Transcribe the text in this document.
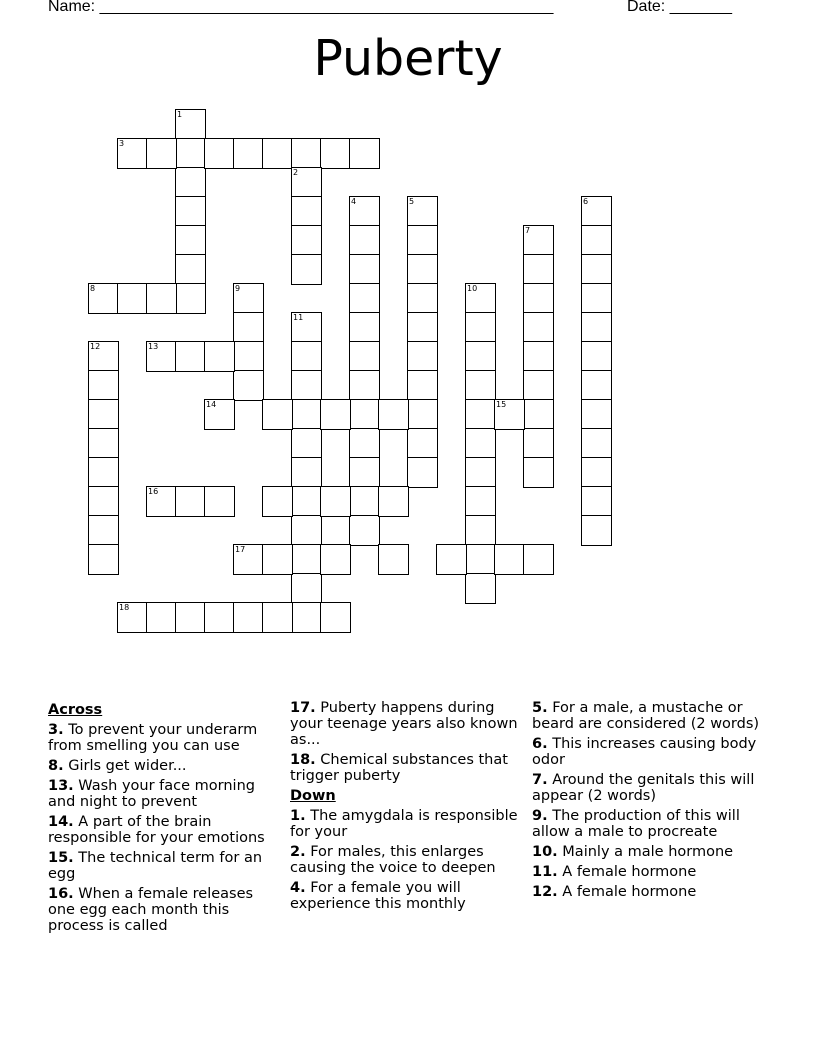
Name: ___________________________________________________	Date: _______
Puberty
1
3
2
4	5	6
7
8	9	10
11
12	13
14	15
16
17
18
Across
3. To prevent your underarm from smelling you can use
8. Girls get wider...
13. Wash your face morning and night to prevent
14. A part of the brain responsible for your emotions
15. The technical term for an egg
16. When a female releases one egg each month this process is called
17. Puberty happens during your teenage years also known as...
18. Chemical substances that trigger puberty
Down
1. The amygdala is responsible for your
2. For males, this enlarges causing the voice to deepen
4. For a female you will experience this monthly
5. For a male, a mustache or beard are considered (2 words)
6. This increases causing body odor
7. Around the genitals this will appear (2 words)
9. The production of this will allow a male to procreate
10. Mainly a male hormone
11. A female hormone
12. A female hormone
